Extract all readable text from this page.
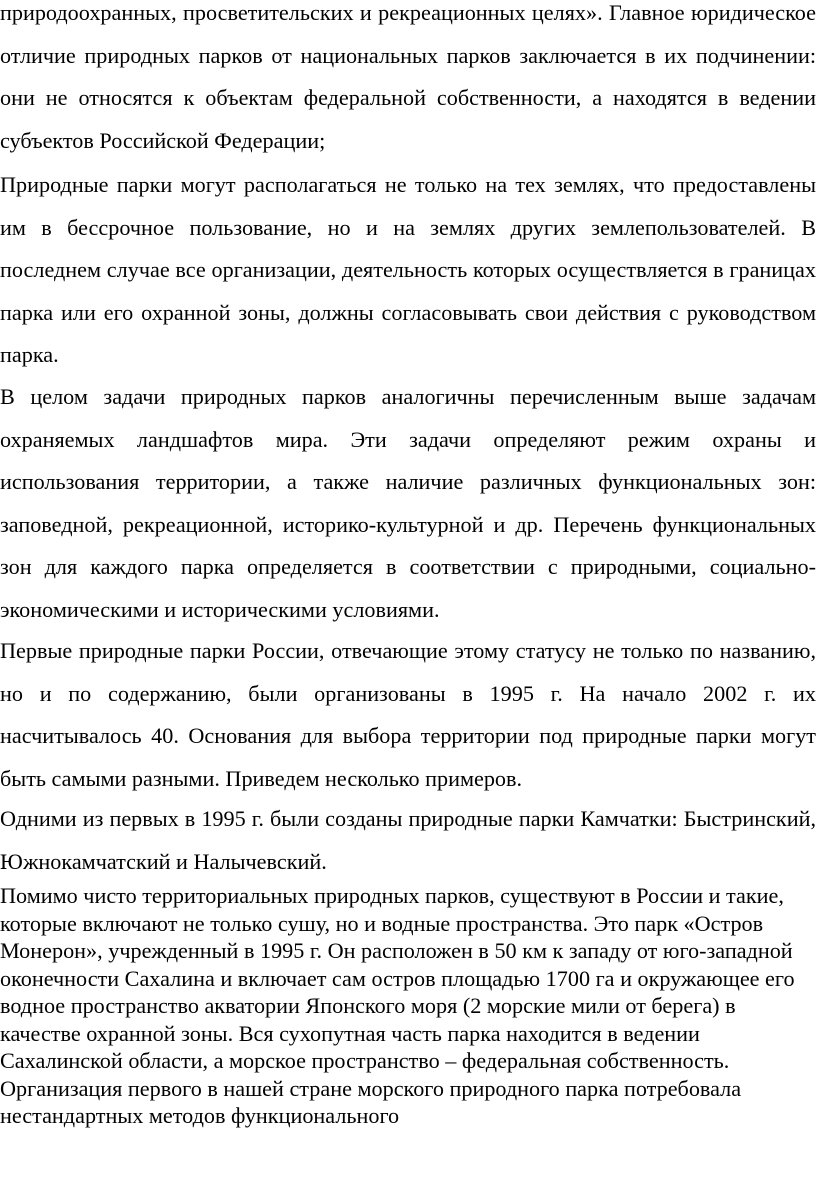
природоохранных, просветительских и рекреационных целях». Главное юридическое отличие природных парков от национальных парков заключается в их подчинении: они не относятся к объектам федеральной собственности, а находятся в ведении субъектов Российской Федерации;

Природные парки могут располагаться не только на тех землях, что предоставлены им в бессрочное пользование, но и на землях других землепользователей. В последнем случае все организации, деятельность которых осуществляется в границах парка или его охранной зоны, должны согласовывать свои действия с руководством парка.

В целом задачи природных парков аналогичны перечисленным выше задачам охраняемых ландшафтов мира. Эти задачи определяют режим охраны и использования территории, а также наличие различных функциональных зон: заповедной, рекреационной, историко-культурной и др. Перечень функциональных зон для каждого парка определяется в соответствии с природными, социально-экономическими и историческими условиями.

Первые природные парки России, отвечающие этому статусу не только по названию, но и по содержанию, были организованы в 1995 г. На начало 2002 г. их насчитывалось 40. Основания для выбора территории под природные парки могут быть самыми разными. Приведем несколько примеров.

Одними из первых в 1995 г. были созданы природные парки Камчатки: Быстринский, Южнокамчатский и Налычевский.

Помимо чисто территориальных природных парков, существуют в России и такие, которые включают не только сушу, но и водные пространства. Это парк «Остров Монерон», учрежденный в 1995 г. Он расположен в 50 км к западу от юго-западной оконечности Сахалина и включает сам остров площадью 1700 га и окружающее его водное пространство акватории Японского моря (2 морские мили от берега) в качестве охранной зоны. Вся сухопутная часть парка находится в ведении Сахалинской области, а морское пространство – федеральная собственность. Организация первого в нашей стране морского природного парка потребовала нестандартных методов функционального
